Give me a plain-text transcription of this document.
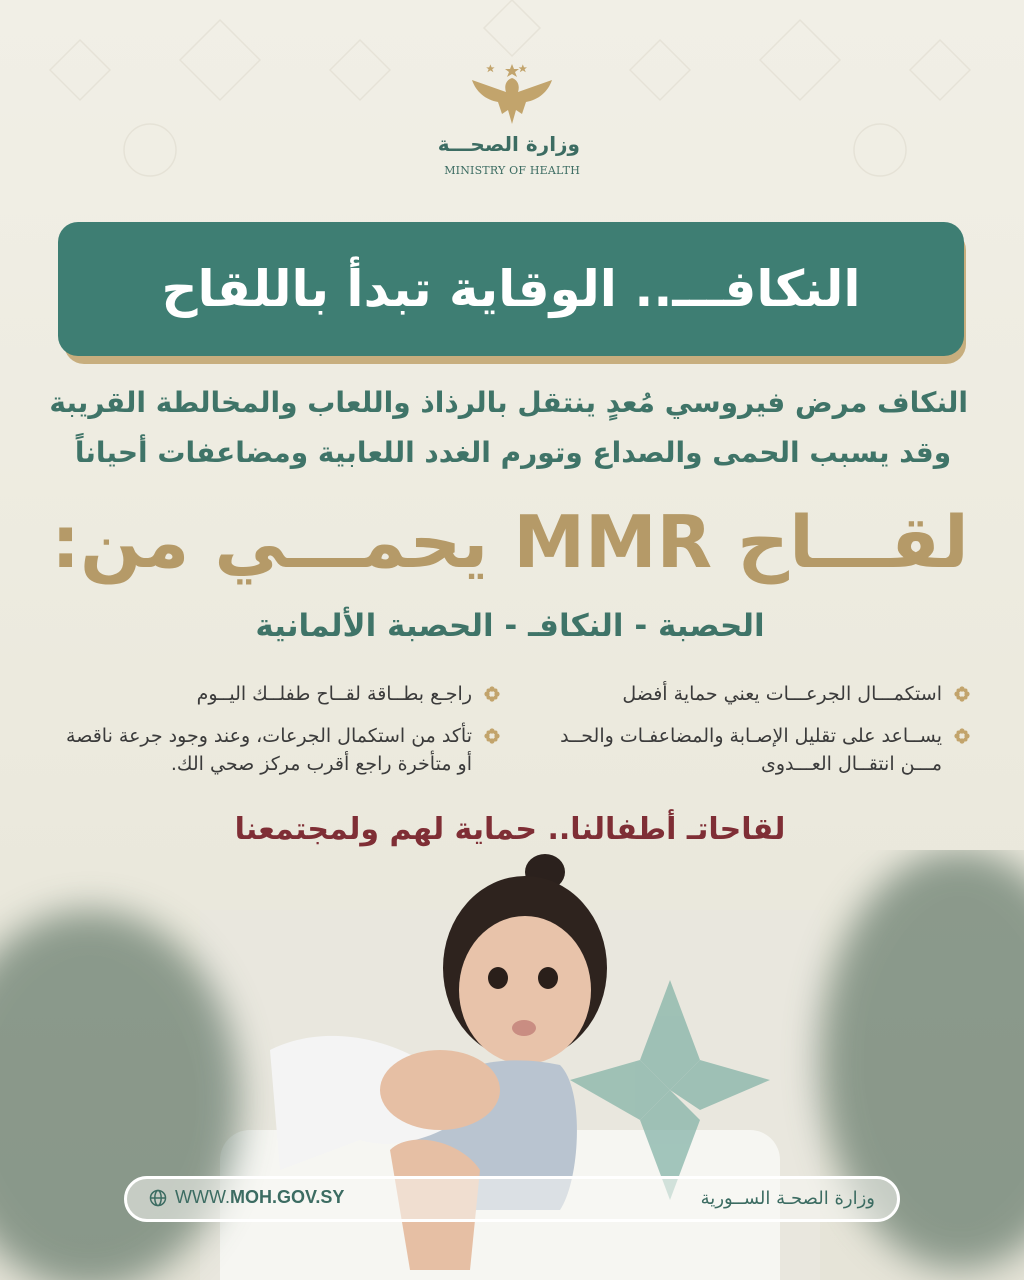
وزارة الصحـــة
MINISTRY OF HEALTH
النكافـــ.. الوقاية تبدأ باللقاح
النكاف مرض فيروسي مُعدٍ ينتقل بالرذاذ واللعاب والمخالطة القريبة
وقد يسبب الحمى والصداع وتورم الغدد اللعابية ومضاعفات أحياناً
لقـــاح MMR يحمـــي من:
الحصبة - النكافـ - الحصبة الألمانية
استكمـــال الجرعـــات يعني حماية أفضل
يســاعد على تقليل الإصـابة والمضاعفـات والحــد مـــن انتقــال العـــدوى
راجـع بطــاقة لقــاح طفلــك اليــوم
تأكد من استكمال الجرعات، وعند وجود جرعة ناقصة أو متأخرة راجع أقرب مركز صحي الك.
لقاحاتـ أطفالنا.. حماية لهم ولمجتمعنا
WWW.MOH.GOV.SY	وزارة الصحـة الســورية
